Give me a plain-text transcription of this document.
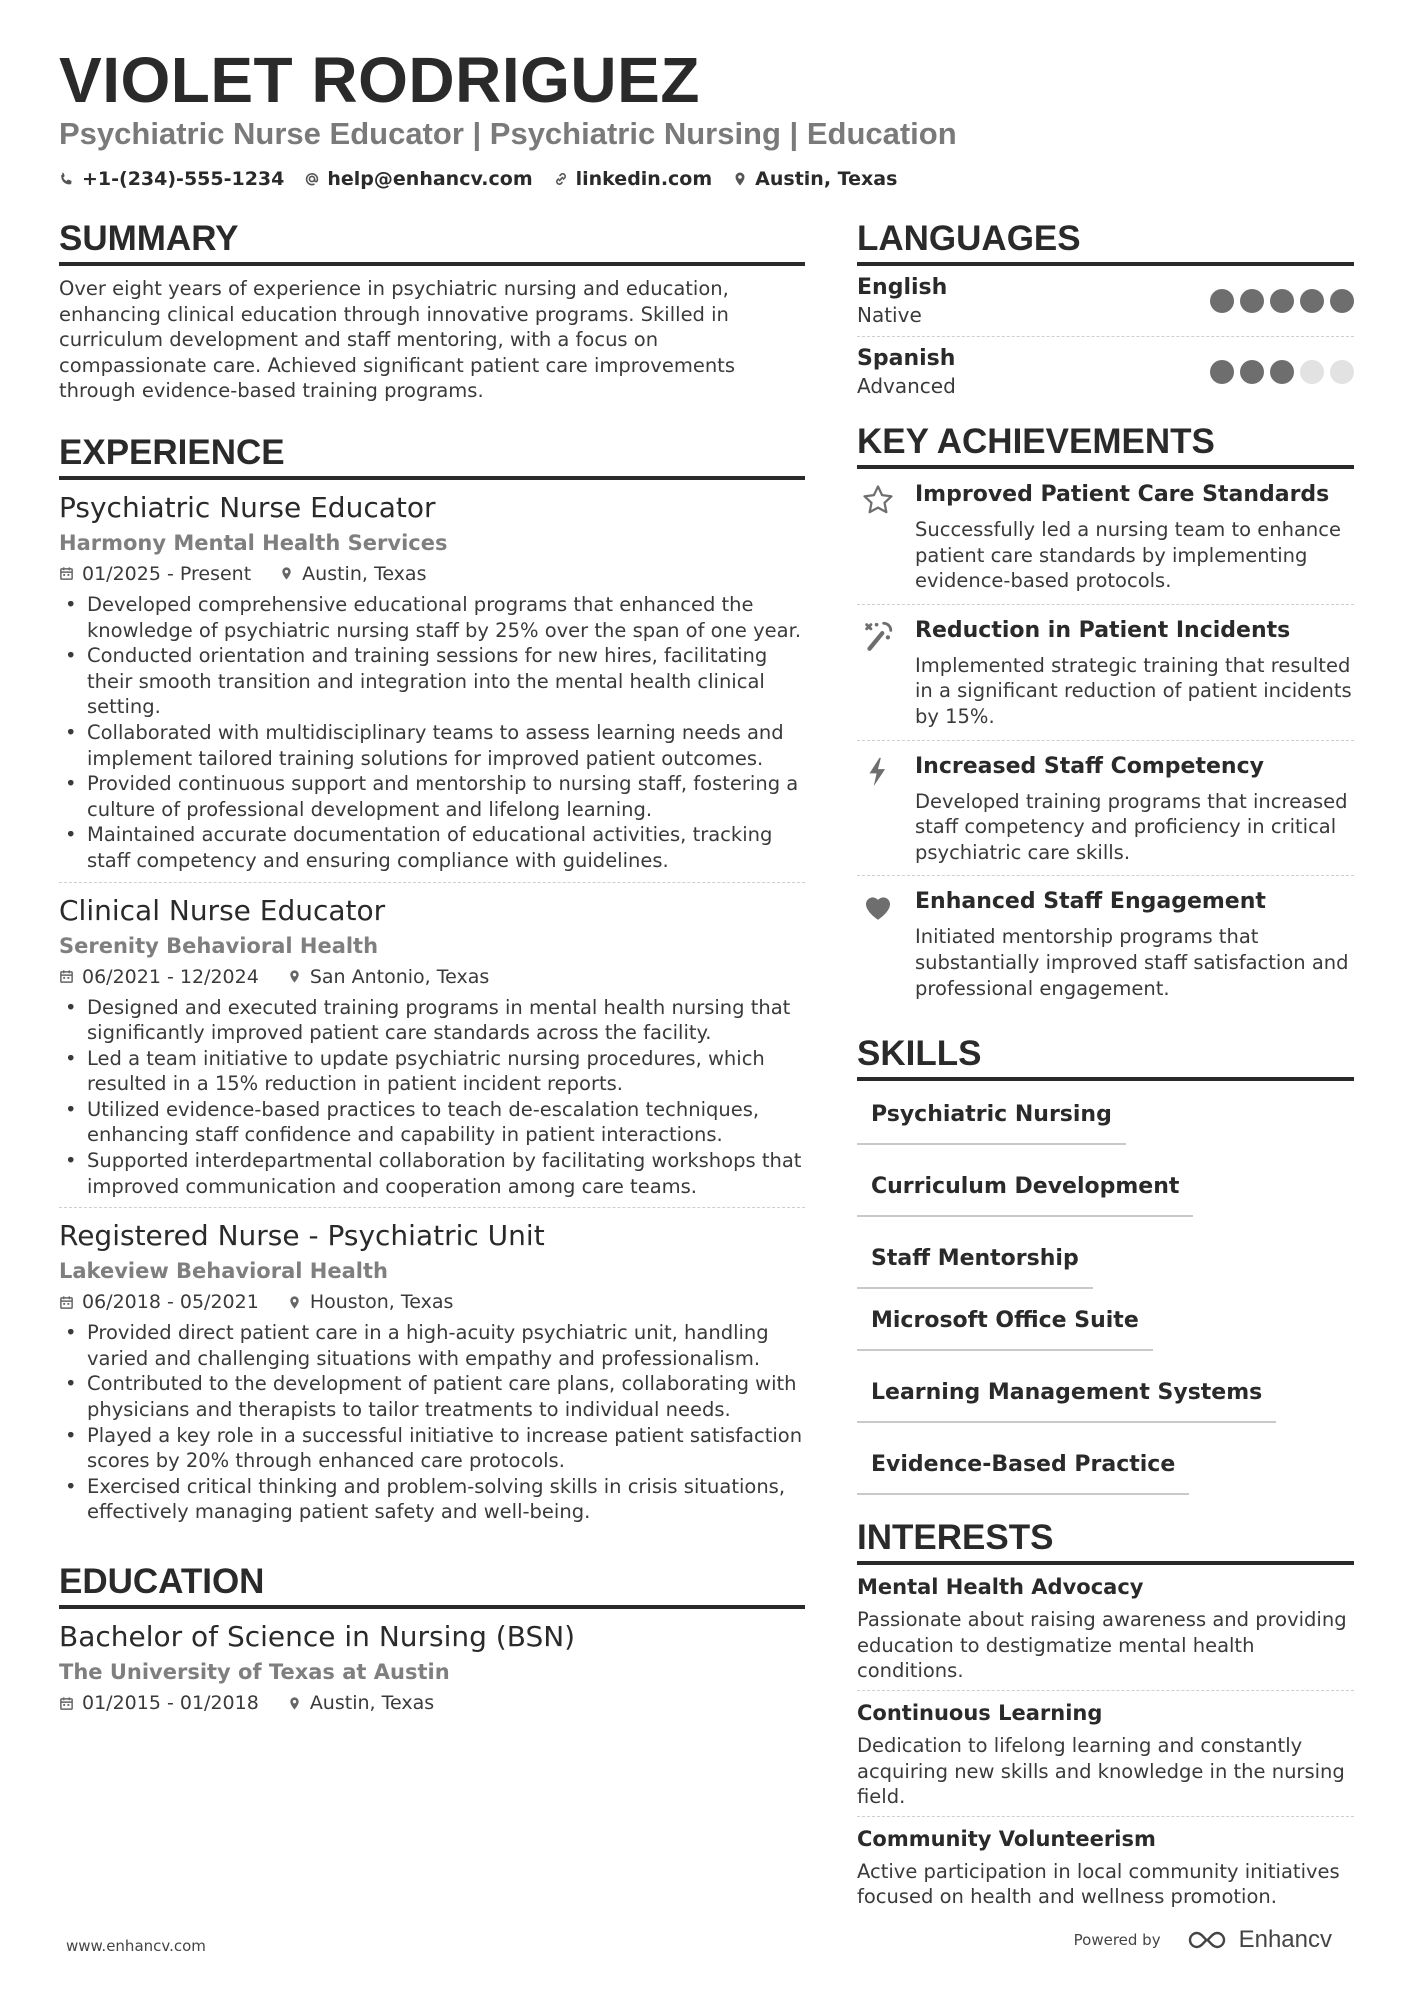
VIOLET RODRIGUEZ
Psychiatric Nurse Educator | Psychiatric Nursing | Education
+1-(234)-555-1234 help@enhancv.com linkedin.com Austin, Texas
SUMMARY
Over eight years of experience in psychiatric nursing and education, enhancing clinical education through innovative programs. Skilled in curriculum development and staff mentoring, with a focus on compassionate care. Achieved significant patient care improvements through evidence-based training programs.
EXPERIENCE
Psychiatric Nurse Educator
Harmony Mental Health Services
01/2025 - Present	Austin, Texas
• Developed comprehensive educational programs that enhanced the knowledge of psychiatric nursing staff by 25% over the span of one year.
• Conducted orientation and training sessions for new hires, facilitating their smooth transition and integration into the mental health clinical setting.
• Collaborated with multidisciplinary teams to assess learning needs and implement tailored training solutions for improved patient outcomes.
• Provided continuous support and mentorship to nursing staff, fostering a culture of professional development and lifelong learning.
• Maintained accurate documentation of educational activities, tracking staff competency and ensuring compliance with guidelines.
Clinical Nurse Educator
Serenity Behavioral Health
06/2021 - 12/2024	San Antonio, Texas
• Designed and executed training programs in mental health nursing that significantly improved patient care standards across the facility.
• Led a team initiative to update psychiatric nursing procedures, which resulted in a 15% reduction in patient incident reports.
• Utilized evidence-based practices to teach de-escalation techniques, enhancing staff confidence and capability in patient interactions.
• Supported interdepartmental collaboration by facilitating workshops that improved communication and cooperation among care teams.
Registered Nurse - Psychiatric Unit
Lakeview Behavioral Health
06/2018 - 05/2021	Houston, Texas
• Provided direct patient care in a high-acuity psychiatric unit, handling varied and challenging situations with empathy and professionalism.
• Contributed to the development of patient care plans, collaborating with physicians and therapists to tailor treatments to individual needs.
• Played a key role in a successful initiative to increase patient satisfaction scores by 20% through enhanced care protocols.
• Exercised critical thinking and problem-solving skills in crisis situations, effectively managing patient safety and well-being.
EDUCATION
Bachelor of Science in Nursing (BSN)
The University of Texas at Austin
01/2015 - 01/2018	Austin, Texas
LANGUAGES
English
Native
Spanish
Advanced
KEY ACHIEVEMENTS
Improved Patient Care Standards
Successfully led a nursing team to enhance patient care standards by implementing evidence-based protocols.
Reduction in Patient Incidents
Implemented strategic training that resulted in a significant reduction of patient incidents by 15%.
Increased Staff Competency
Developed training programs that increased staff competency and proficiency in critical psychiatric care skills.
Enhanced Staff Engagement
Initiated mentorship programs that substantially improved staff satisfaction and professional engagement.
SKILLS
Psychiatric Nursing
Curriculum Development
Staff Mentorship
Microsoft Office Suite
Learning Management Systems
Evidence-Based Practice
INTERESTS
Mental Health Advocacy
Passionate about raising awareness and providing education to destigmatize mental health conditions.
Continuous Learning
Dedication to lifelong learning and constantly acquiring new skills and knowledge in the nursing field.
Community Volunteerism
Active participation in local community initiatives focused on health and wellness promotion.
www.enhancv.com	Powered by	Enhancv
